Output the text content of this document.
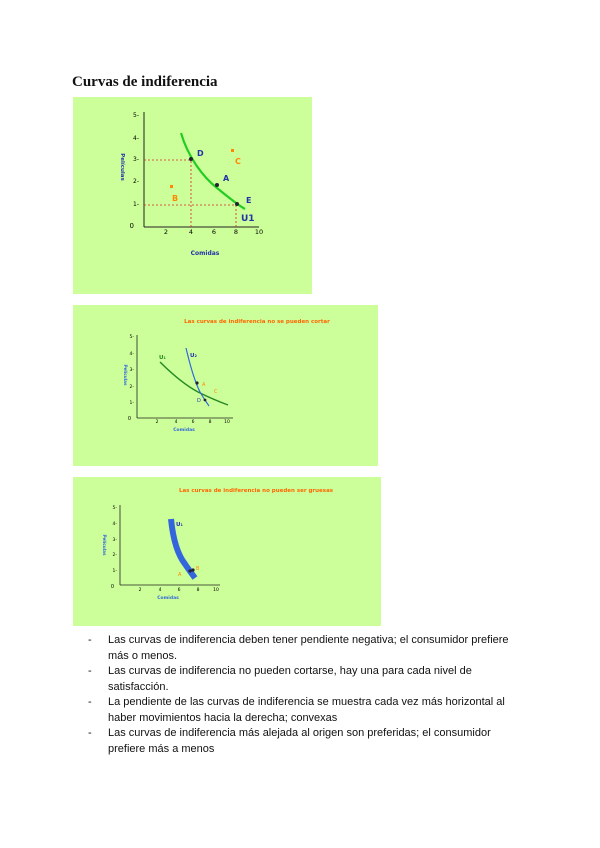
Curvas de indiferencia
5-
4-
3-
2-
1-
0
2	4	6	8	10
Comidas
Películas	D
A
E
C
B
U1
Las curvas de indiferencia no se pueden cortar
5-
4-
3-
2-
1-
0
2	4	6	8	10
Comidas
Películas
U₁	U₂
A
C
D
Las curvas de indiferencia no pueden ser gruesas
5-
4-
3-
2-
1-
0
2	4	6	8	10
Comidas
Películas
U₁
A
B
- Las curvas de indiferencia deben tener pendiente negativa; el consumidor prefiere más o menos.
- Las curvas de indiferencia no pueden cortarse, hay una para cada nivel de satisfacción.
- La pendiente de las curvas de indiferencia se muestra cada vez más horizontal al haber movimientos hacia la derecha; convexas
- Las curvas de indiferencia más alejada al origen son preferidas; el consumidor prefiere más a menos
